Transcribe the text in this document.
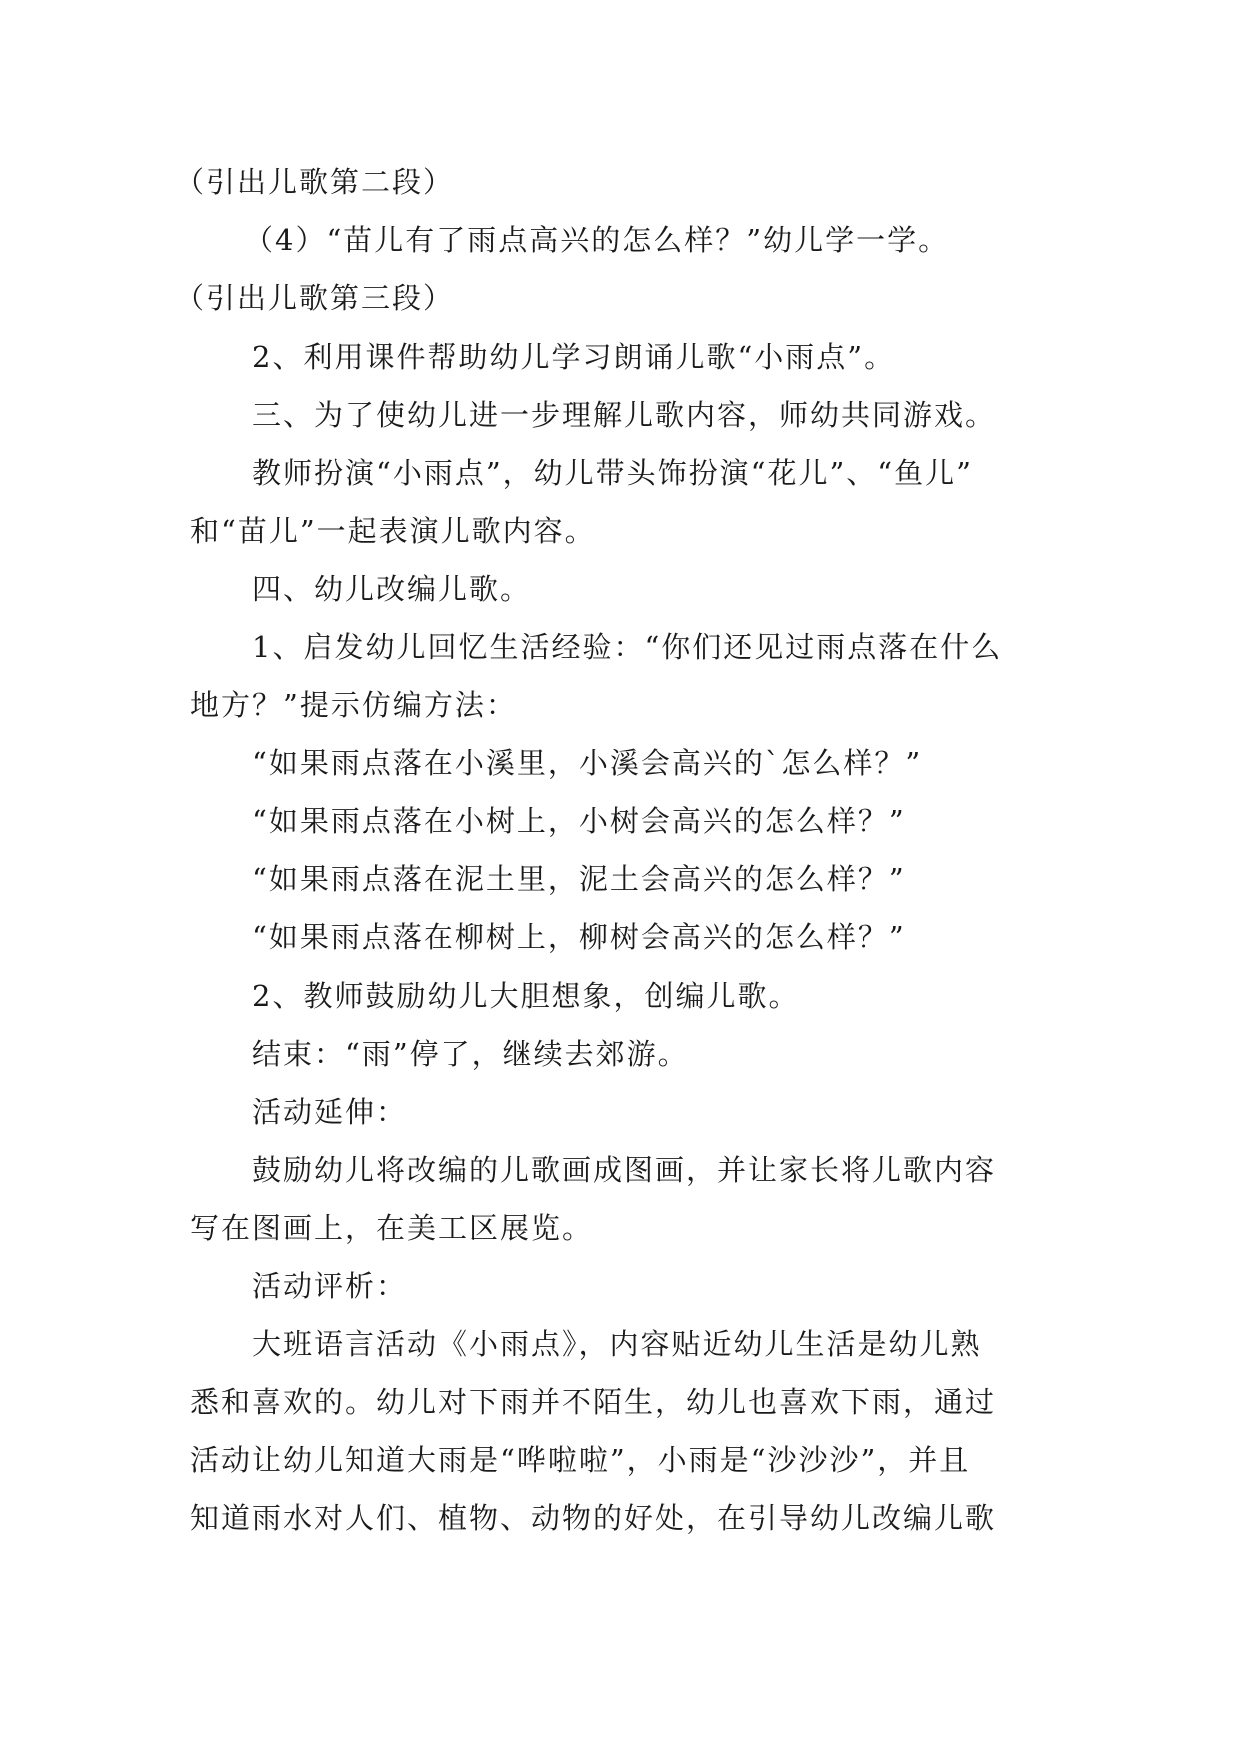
（引出儿歌第二段）
（4）“苗儿有了雨点高兴的怎么样？”幼儿学一学。
（引出儿歌第三段）
2、利用课件帮助幼儿学习朗诵儿歌“小雨点”。
三、为了使幼儿进一步理解儿歌内容，师幼共同游戏。
教师扮演“小雨点”，幼儿带头饰扮演“花儿”、“鱼儿”
和“苗儿”一起表演儿歌内容。
四、幼儿改编儿歌。
1、启发幼儿回忆生活经验：“你们还见过雨点落在什么
地方？”提示仿编方法：
“如果雨点落在小溪里，小溪会高兴的`怎么样？”
“如果雨点落在小树上，小树会高兴的怎么样？”
“如果雨点落在泥土里，泥土会高兴的怎么样？”
“如果雨点落在柳树上，柳树会高兴的怎么样？”
2、教师鼓励幼儿大胆想象，创编儿歌。
结束：“雨”停了，继续去郊游。
活动延伸：
鼓励幼儿将改编的儿歌画成图画，并让家长将儿歌内容
写在图画上，在美工区展览。
活动评析：
大班语言活动《小雨点》，内容贴近幼儿生活是幼儿熟
悉和喜欢的。幼儿对下雨并不陌生，幼儿也喜欢下雨，通过
活动让幼儿知道大雨是“哗啦啦”，小雨是“沙沙沙”，并且
知道雨水对人们、植物、动物的好处，在引导幼儿改编儿歌
